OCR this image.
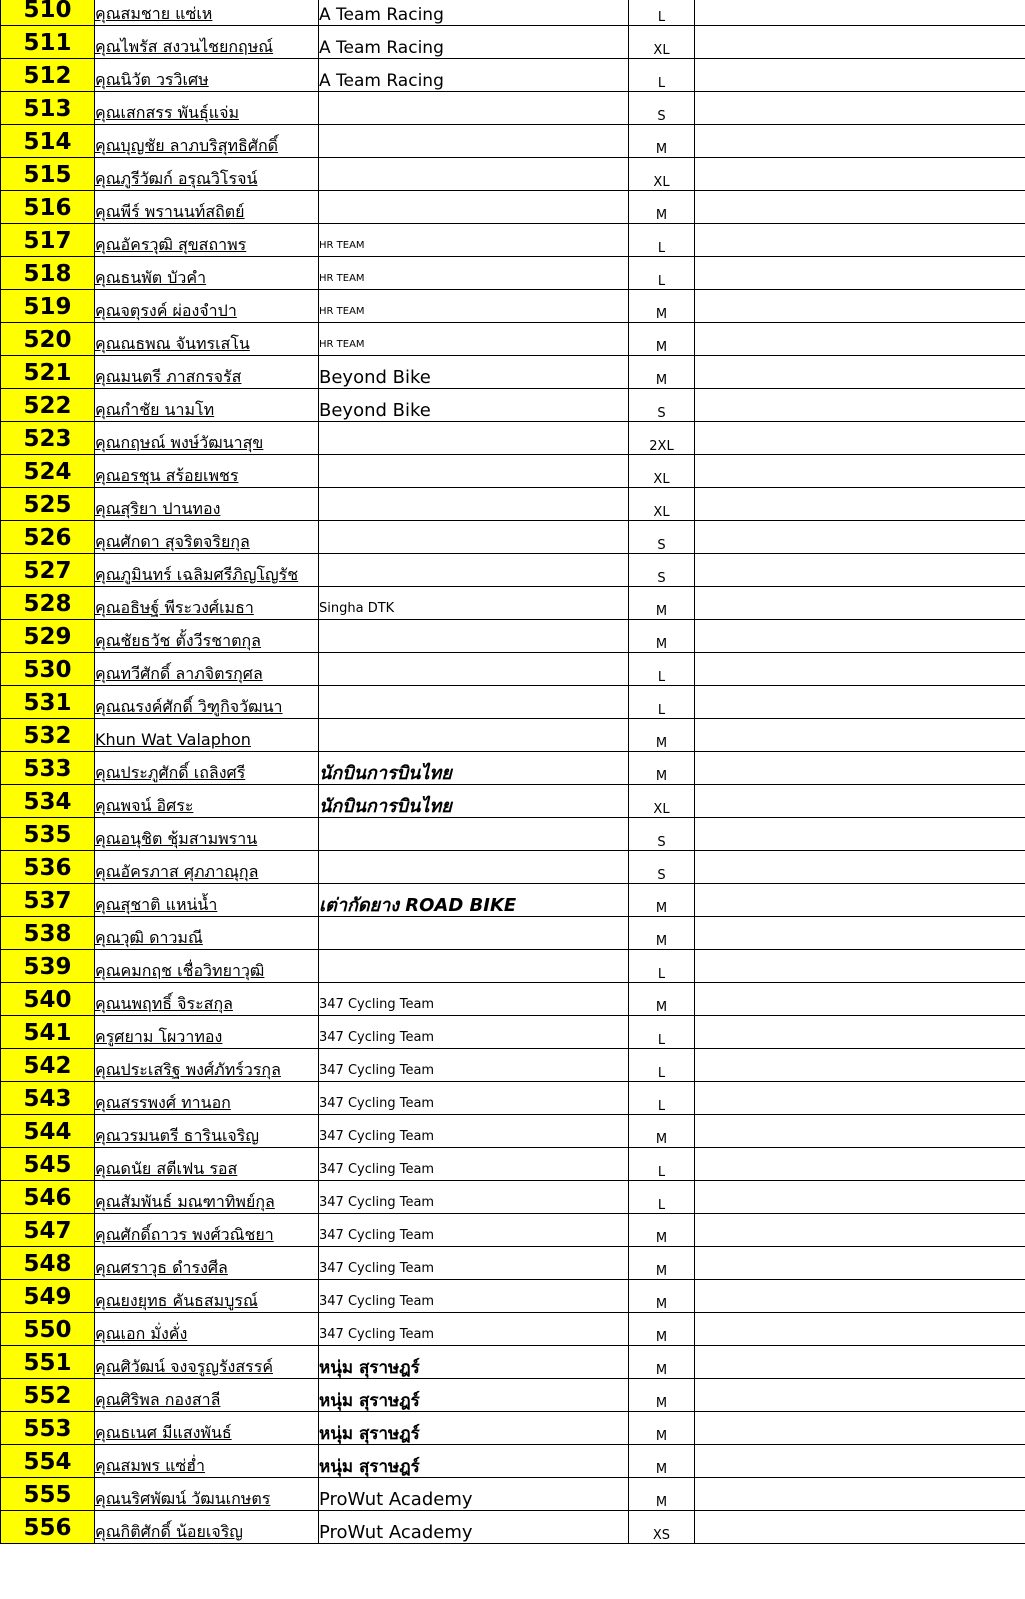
510	คุณสมชาย แซ่เห	A Team Racing	L	
511	คุณไพรัส สงวนไชยกฤษณ์	A Team Racing	XL	
512	คุณนิวัต วรวิเศษ	A Team Racing	L	
513	คุณเสกสรร พันธุ์แจ่ม		S	
514	คุณบุญชัย ลาภบริสุทธิศักดิ์		M	
515	คุณภูรีวัฒก์ อรุณวิโรจน์		XL	
516	คุณพีร์ พรานนท์สถิตย์		M	
517	คุณอัครวุฒิ สุขสถาพร	HR TEAM	L	
518	คุณธนพัต บัวคำ	HR TEAM	L	
519	คุณจตุรงค์ ผ่องจำปา	HR TEAM	M	
520	คุณณธพณ จันทรเสโน	HR TEAM	M	
521	คุณมนตรี ภาสกรจรัส	Beyond Bike	M	
522	คุณกำชัย นามโท	Beyond Bike	S	
523	คุณกฤษณ์ พงษ์วัฒนาสุข		2XL	
524	คุณอรชุน สร้อยเพชร		XL	
525	คุณสุริยา ปานทอง		XL	
526	คุณศักดา สุจริตจริยกุล		S	
527	คุณภูมินทร์ เฉลิมศรีภิญโญรัช		S	
528	คุณอธิษฐ์ พีระวงศ์เมธา	Singha DTK	M	
529	คุณชัยธวัช ตั้งวีรชาตกุล		M	
530	คุณทวีศักดิ์ ลาภจิตรกุศล		L	
531	คุณณรงค์ศักดิ์ วิฑูกิจวัฒนา		L	
532	Khun Wat Valaphon		M	
533	คุณประภูศักดิ์ เถลิงศรี	นักบินการบินไทย	M	
534	คุณพจน์ อิศระ	นักบินการบินไทย	XL	
535	คุณอนุชิต ชุ้มสามพราน		S	
536	คุณอัครภาส ศุภภาณุกุล		S	
537	คุณสุชาติ แหน่น้ำ	เต่ากัดยาง ROAD BIKE	M	
538	คุณวุฒิ ดาวมณี		M	
539	คุณคมกฤช เชื่อวิทยาวุฒิ		L	
540	คุณนพฤทธิ์ จิระสกุล	347 Cycling Team	M	
541	ครูศยาม โผวาทอง	347 Cycling Team	L	
542	คุณประเสริฐ พงศ์ภัทร์วรกุล	347 Cycling Team	L	
543	คุณสรรพงศ์ ทานอก	347 Cycling Team	L	
544	คุณวรมนตรี ธารินเจริญ	347 Cycling Team	M	
545	คุณดนัย สตีเฟน รอส	347 Cycling Team	L	
546	คุณสัมพันธ์ มณฑาทิพย์กุล	347 Cycling Team	L	
547	คุณศักดิ์ถาวร พงศ์วณิชยา	347 Cycling Team	M	
548	คุณศราวุธ ดำรงศีล	347 Cycling Team	M	
549	คุณยงยุทธ คันธสมบูรณ์	347 Cycling Team	M	
550	คุณเอก มั่งคั่ง	347 Cycling Team	M	
551	คุณศิวัฒน์ จงจรูญรังสรรค์	หนุ่ม สุราษฎร์	M	
552	คุณศิริพล กองสาลี	หนุ่ม สุราษฎร์	M	
553	คุณธเนศ มีแสงพันธ์	หนุ่ม สุราษฎร์	M	
554	คุณสมพร แซ่ฮ่ำ	หนุ่ม สุราษฎร์	M	
555	คุณนริศพัฒน์ วัฒนเกษตร	ProWut Academy	M	
556	คุณกิติศักดิ์ น้อยเจริญ	ProWut Academy	XS	
